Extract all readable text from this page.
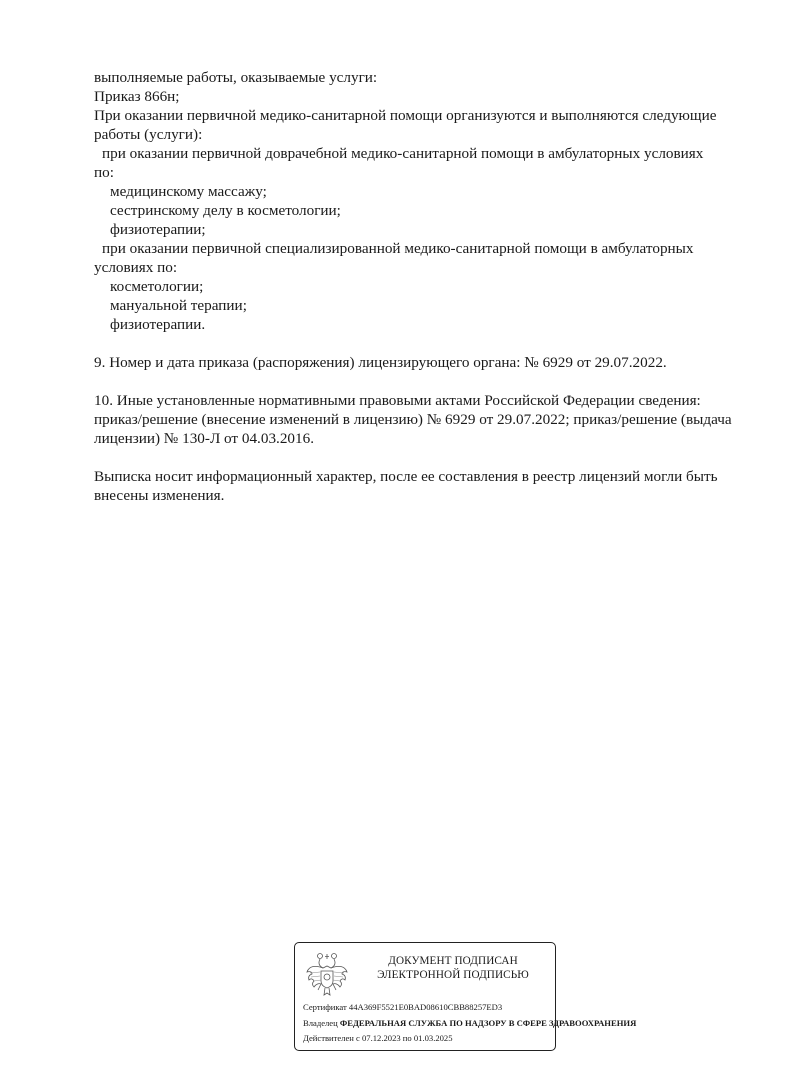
выполняемые работы, оказываемые услуги:
Приказ 866н;
При оказании первичной медико-санитарной помощи организуются и выполняются следующие
работы (услуги):
при оказании первичной доврачебной медико-санитарной помощи в амбулаторных условиях
по:
медицинскому массажу;
сестринскому делу в косметологии;
физиотерапии;
при оказании первичной специализированной медико-санитарной помощи в амбулаторных
условиях по:
косметологии;
мануальной терапии;
физиотерапии.
9. Номер и дата приказа (распоряжения) лицензирующего органа: № 6929 от 29.07.2022.
10. Иные установленные нормативными правовыми актами Российской Федерации сведения:
приказ/решение (внесение изменений в лицензию) № 6929 от 29.07.2022; приказ/решение (выдача
лицензии) № 130-Л от 04.03.2016.
Выписка носит информационный характер, после ее составления в реестр лицензий могли быть
внесены изменения.
ДОКУМЕНТ ПОДПИСАН
ЭЛЕКТРОННОЙ ПОДПИСЬЮ
Сертификат 44A369F5521E0BAD08610CBB88257ED3
Владелец ФЕДЕРАЛЬНАЯ СЛУЖБА ПО НАДЗОРУ В СФЕРЕ ЗДРАВООХРАНЕНИЯ
Действителен с 07.12.2023 по 01.03.2025
